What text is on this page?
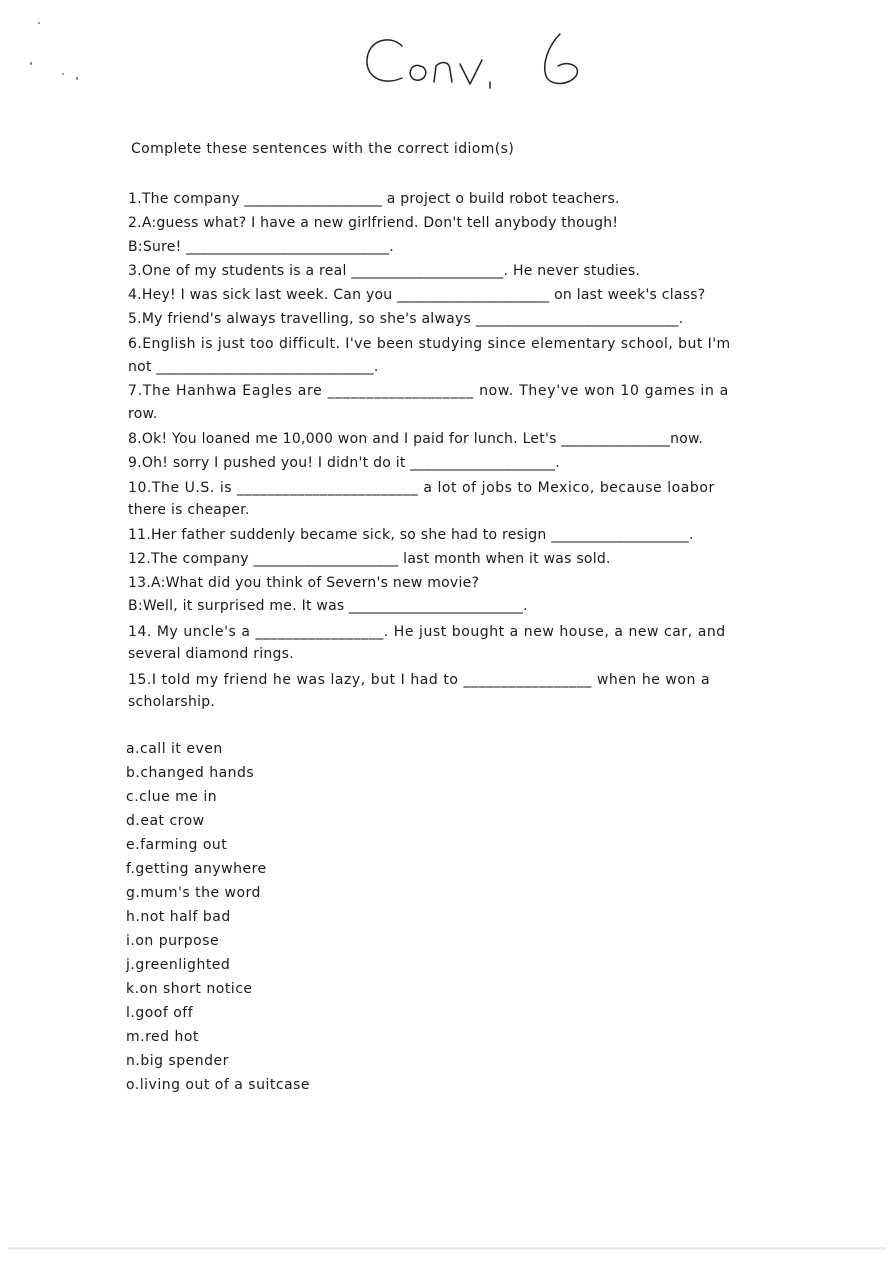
Complete these sentences with the correct idiom(s)
1.The company ___________________ a project o build robot teachers.
2.A:guess what? I have a new girlfriend. Don't tell anybody though!
B:Sure! ____________________________.
3.One of my students is a real _____________________. He never studies.
4.Hey! I was sick last week. Can you _____________________ on last week's class?
5.My friend's always travelling, so she's always ____________________________.
6.English is just too difficult. I've been studying since elementary school, but I'm
not ______________________________.
7.The Hanhwa Eagles are ___________________ now. They've won 10 games in a
row.
8.Ok! You loaned me 10,000 won and I paid for lunch. Let's _______________now.
9.Oh! sorry I pushed you! I didn't do it ____________________.
10.The U.S. is ________________________ a lot of jobs to Mexico, because loabor
there is cheaper.
11.Her father suddenly became sick, so she had to resign ___________________.
12.The company ____________________ last month when it was sold.
13.A:What did you think of Severn's new movie?
B:Well, it surprised me. It was ________________________.
14. My uncle's a _________________. He just bought a new house, a new car, and
several diamond rings.
15.I told my friend he was lazy, but I had to _________________ when he won a
scholarship.
a.call it even
b.changed hands
c.clue me in
d.eat crow
e.farming out
f.getting anywhere
g.mum's the word
h.not half bad
i.on purpose
j.greenlighted
k.on short notice
l.goof off
m.red hot
n.big spender
o.living out of a suitcase
